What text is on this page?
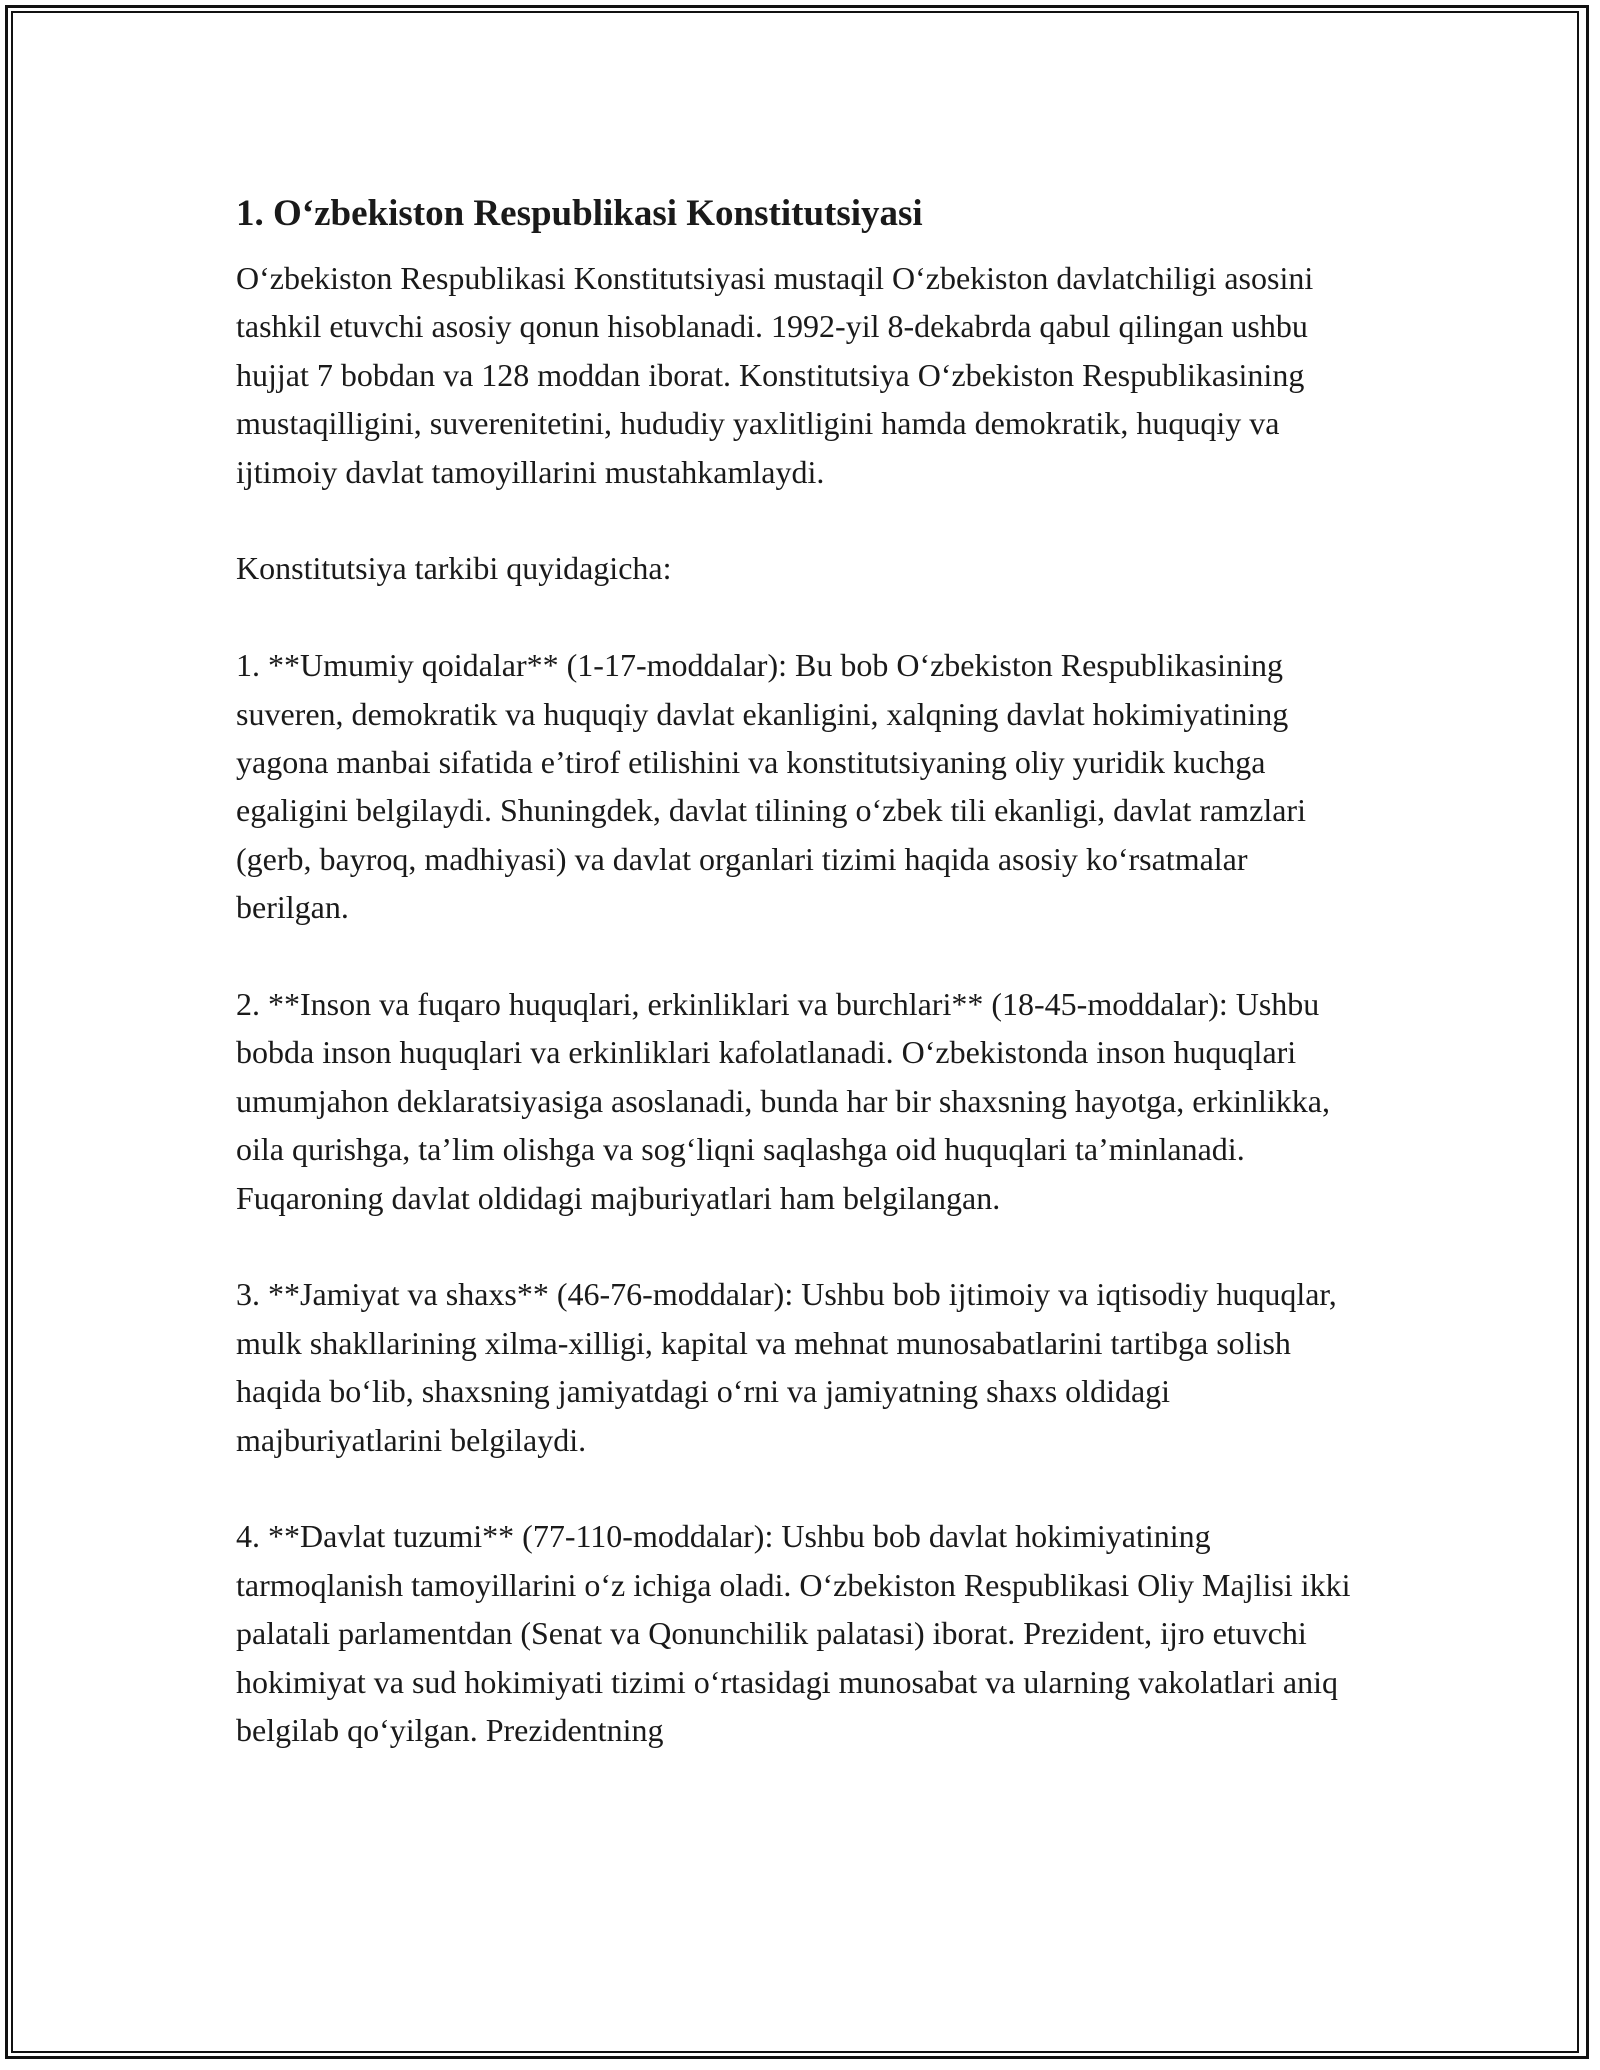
1. O‘zbekiston Respublikasi Konstitutsiyasi

O‘zbekiston Respublikasi Konstitutsiyasi mustaqil O‘zbekiston davlatchiligi asosini tashkil etuvchi asosiy qonun hisoblanadi. 1992-yil 8-dekabrda qabul qilingan ushbu hujjat 7 bobdan va 128 moddan iborat. Konstitutsiya O‘zbekiston Respublikasining mustaqilligini, suverenitetini, hududiy yaxlitligini hamda demokratik, huquqiy va ijtimoiy davlat tamoyillarini mustahkamlaydi.

Konstitutsiya tarkibi quyidagicha:

1. **Umumiy qoidalar** (1-17-moddalar): Bu bob O‘zbekiston Respublikasining suveren, demokratik va huquqiy davlat ekanligini, xalqning davlat hokimiyatining yagona manbai sifatida e’tirof etilishini va konstitutsiyaning oliy yuridik kuchga egaligini belgilaydi. Shuningdek, davlat tilining o‘zbek tili ekanligi, davlat ramzlari (gerb, bayroq, madhiyasi) va davlat organlari tizimi haqida asosiy ko‘rsatmalar berilgan.

2. **Inson va fuqaro huquqlari, erkinliklari va burchlari** (18-45-moddalar): Ushbu bobda inson huquqlari va erkinliklari kafolatlanadi. O‘zbekistonda inson huquqlari umumjahon deklaratsiyasiga asoslanadi, bunda har bir shaxsning hayotga, erkinlikka, oila qurishga, ta’lim olishga va sog‘liqni saqlashga oid huquqlari ta’minlanadi. Fuqaroning davlat oldidagi majburiyatlari ham belgilangan.

3. **Jamiyat va shaxs** (46-76-moddalar): Ushbu bob ijtimoiy va iqtisodiy huquqlar, mulk shakllarining xilma-xilligi, kapital va mehnat munosabatlarini tartibga solish haqida bo‘lib, shaxsning jamiyatdagi o‘rni va jamiyatning shaxs oldidagi majburiyatlarini belgilaydi.

4. **Davlat tuzumi** (77-110-moddalar): Ushbu bob davlat hokimiyatining tarmoqlanish tamoyillarini o‘z ichiga oladi. O‘zbekiston Respublikasi Oliy Majlisi ikki palatali parlamentdan (Senat va Qonunchilik palatasi) iborat. Prezident, ijro etuvchi hokimiyat va sud hokimiyati tizimi o‘rtasidagi munosabat va ularning vakolatlari aniq belgilab qo‘yilgan. Prezidentning
